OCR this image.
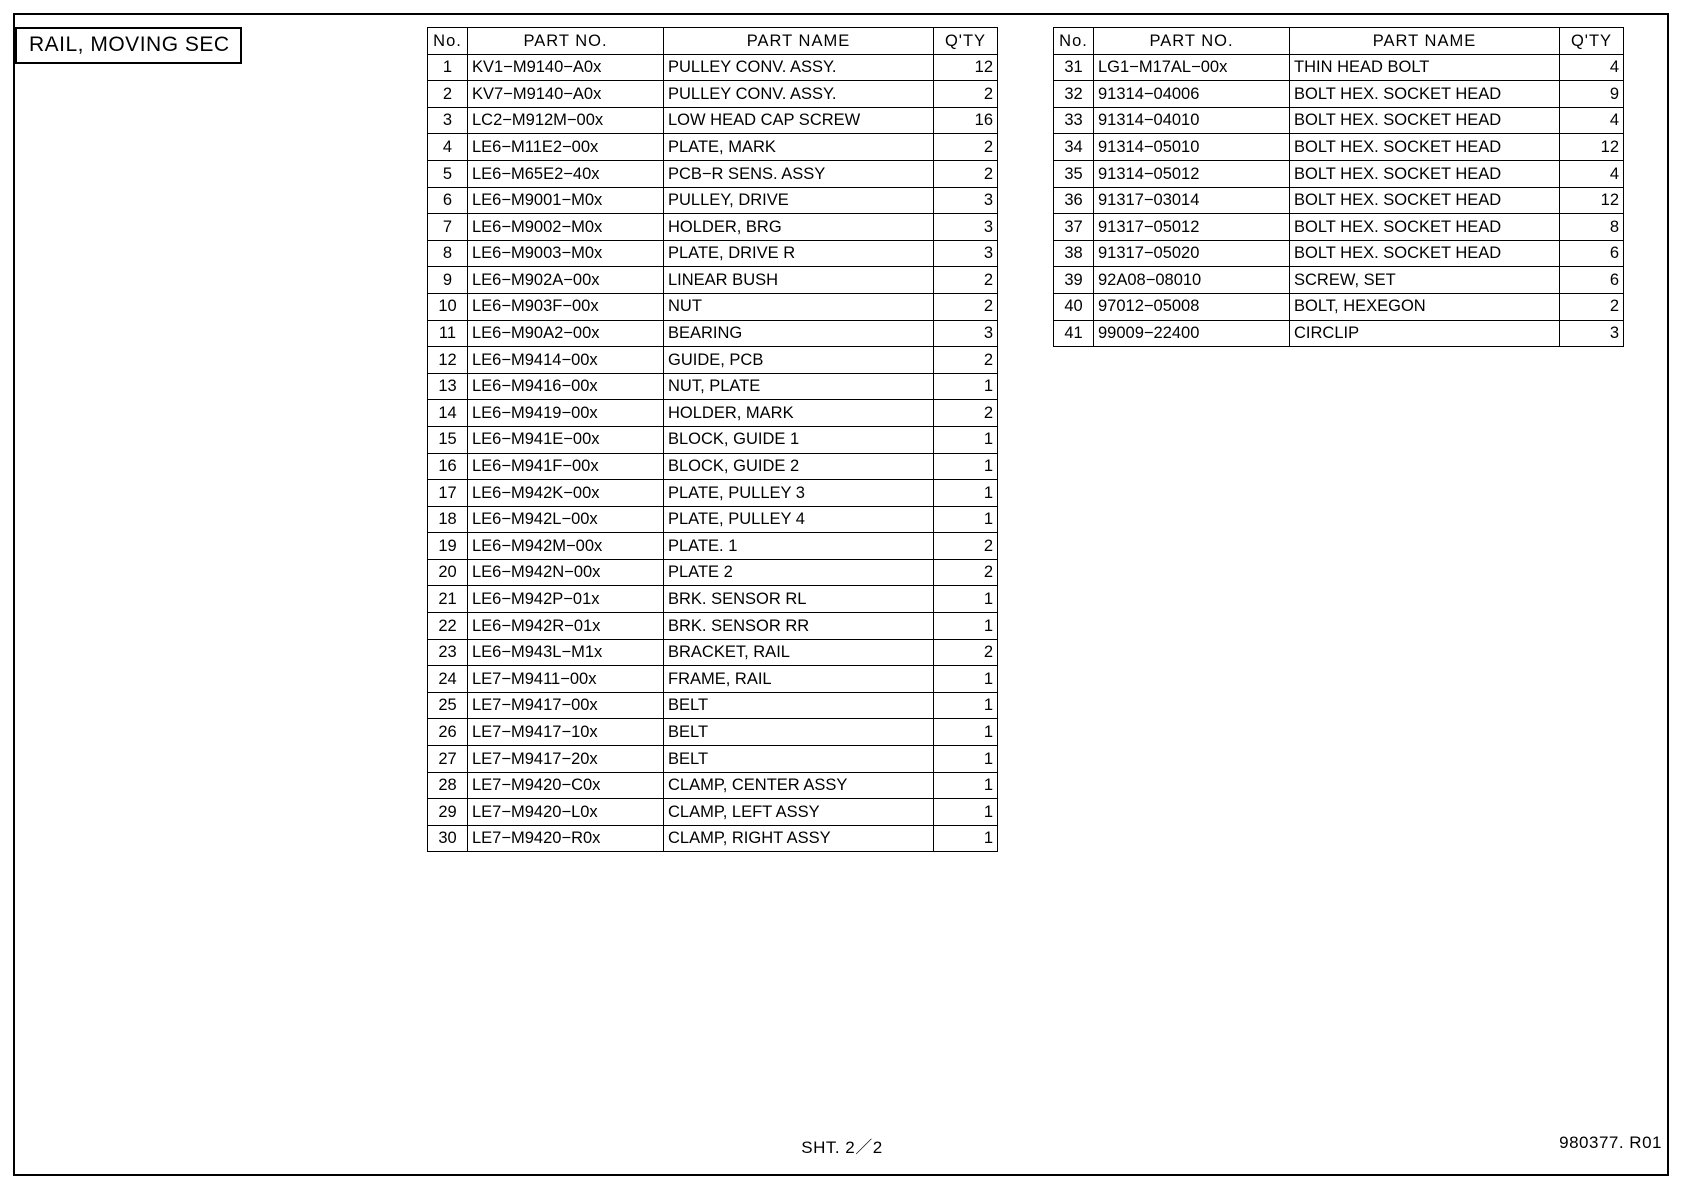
RAIL, MOVING SEC	No.	PART NO.	PART NAME	Q'TY
1	KV1−M9140−A0x	PULLEY CONV. ASSY.	12
2	KV7−M9140−A0x	PULLEY CONV. ASSY.	2
3	LC2−M912M−00x	LOW HEAD CAP SCREW	16
4	LE6−M11E2−00x	PLATE, MARK	2
5	LE6−M65E2−40x	PCB−R SENS. ASSY	2
6	LE6−M9001−M0x	PULLEY, DRIVE	3
7	LE6−M9002−M0x	HOLDER, BRG	3
8	LE6−M9003−M0x	PLATE, DRIVE R	3
9	LE6−M902A−00x	LINEAR BUSH	2
10	LE6−M903F−00x	NUT	2
11	LE6−M90A2−00x	BEARING	3
12	LE6−M9414−00x	GUIDE, PCB	2
13	LE6−M9416−00x	NUT, PLATE	1
14	LE6−M9419−00x	HOLDER, MARK	2
15	LE6−M941E−00x	BLOCK, GUIDE 1	1
16	LE6−M941F−00x	BLOCK, GUIDE 2	1
17	LE6−M942K−00x	PLATE, PULLEY 3	1
18	LE6−M942L−00x	PLATE, PULLEY 4	1
19	LE6−M942M−00x	PLATE. 1	2
20	LE6−M942N−00x	PLATE 2	2
21	LE6−M942P−01x	BRK. SENSOR RL	1
22	LE6−M942R−01x	BRK. SENSOR RR	1
23	LE6−M943L−M1x	BRACKET, RAIL	2
24	LE7−M9411−00x	FRAME, RAIL	1
25	LE7−M9417−00x	BELT	1
26	LE7−M9417−10x	BELT	1
27	LE7−M9417−20x	BELT	1
28	LE7−M9420−C0x	CLAMP, CENTER ASSY	1
29	LE7−M9420−L0x	CLAMP, LEFT ASSY	1
30	LE7−M9420−R0x	CLAMP, RIGHT ASSY	1
No.	PART NO.	PART NAME	Q'TY
31	LG1−M17AL−00x	THIN HEAD BOLT	4
32	91314−04006	BOLT HEX. SOCKET HEAD	9
33	91314−04010	BOLT HEX. SOCKET HEAD	4
34	91314−05010	BOLT HEX. SOCKET HEAD	12
35	91314−05012	BOLT HEX. SOCKET HEAD	4
36	91317−03014	BOLT HEX. SOCKET HEAD	12
37	91317−05012	BOLT HEX. SOCKET HEAD	8
38	91317−05020	BOLT HEX. SOCKET HEAD	6
39	92A08−08010	SCREW, SET	6
40	97012−05008	BOLT, HEXEGON	2
41	99009−22400	CIRCLIP	3
SHT. 2／2	980377. R01
